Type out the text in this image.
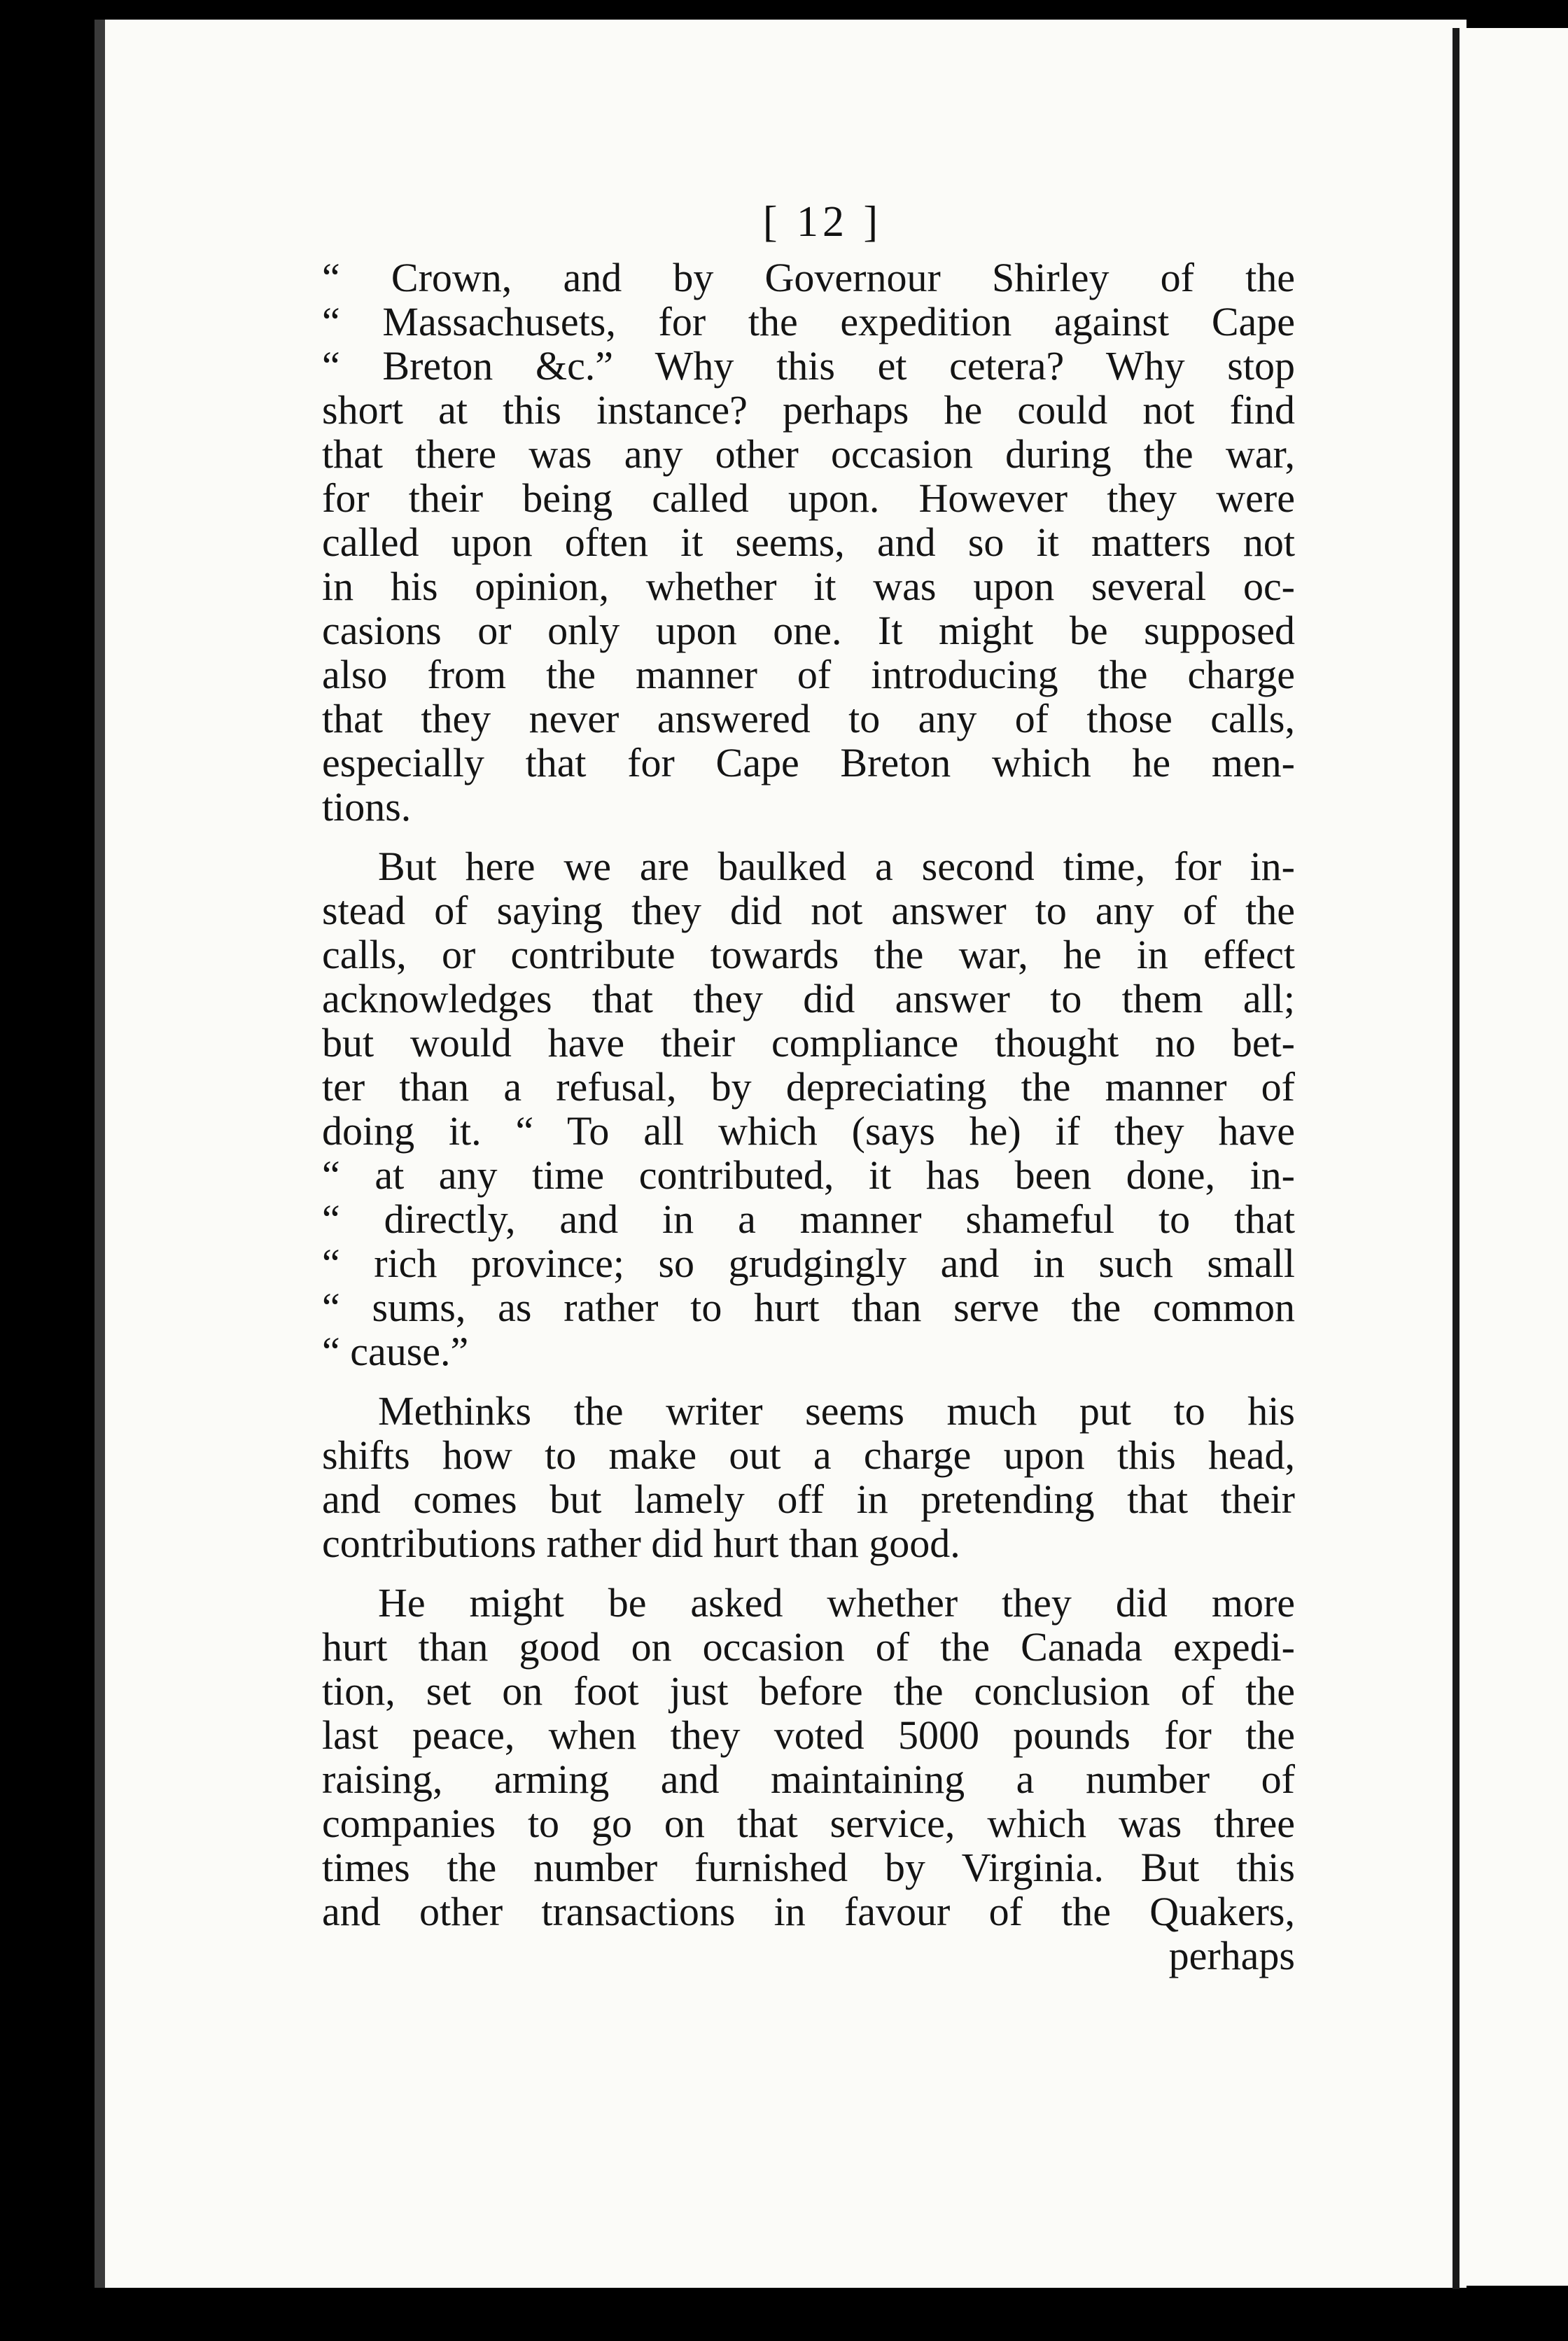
[ 12 ]
“ Crown, and by Governour Shirley of the
“ Massachusets, for the expedition against Cape
“ Breton &c.” Why this et cetera? Why stop
short at this instance? perhaps he could not find
that there was any other occasion during the war,
for their being called upon. However they were
called upon often it seems, and so it matters not
in his opinion, whether it was upon several oc-
casions or only upon one. It might be supposed
also from the manner of introducing the charge
that they never answered to any of those calls,
especially that for Cape Breton which he men-
tions.
But here we are baulked a second time, for in-
stead of saying they did not answer to any of the
calls, or contribute towards the war, he in effect
acknowledges that they did answer to them all;
but would have their compliance thought no bet-
ter than a refusal, by depreciating the manner of
doing it. “ To all which (says he) if they have
“ at any time contributed, it has been done, in-
“ directly, and in a manner shameful to that
“ rich province; so grudgingly and in such small
“ sums, as rather to hurt than serve the common
“ cause.”
Methinks the writer seems much put to his
shifts how to make out a charge upon this head,
and comes but lamely off in pretending that their
contributions rather did hurt than good.
He might be asked whether they did more
hurt than good on occasion of the Canada expedi-
tion, set on foot just before the conclusion of the
last peace, when they voted 5000 pounds for the
raising, arming and maintaining a number of
companies to go on that service, which was three
times the number furnished by Virginia. But this
and other transactions in favour of the Quakers,
perhaps
